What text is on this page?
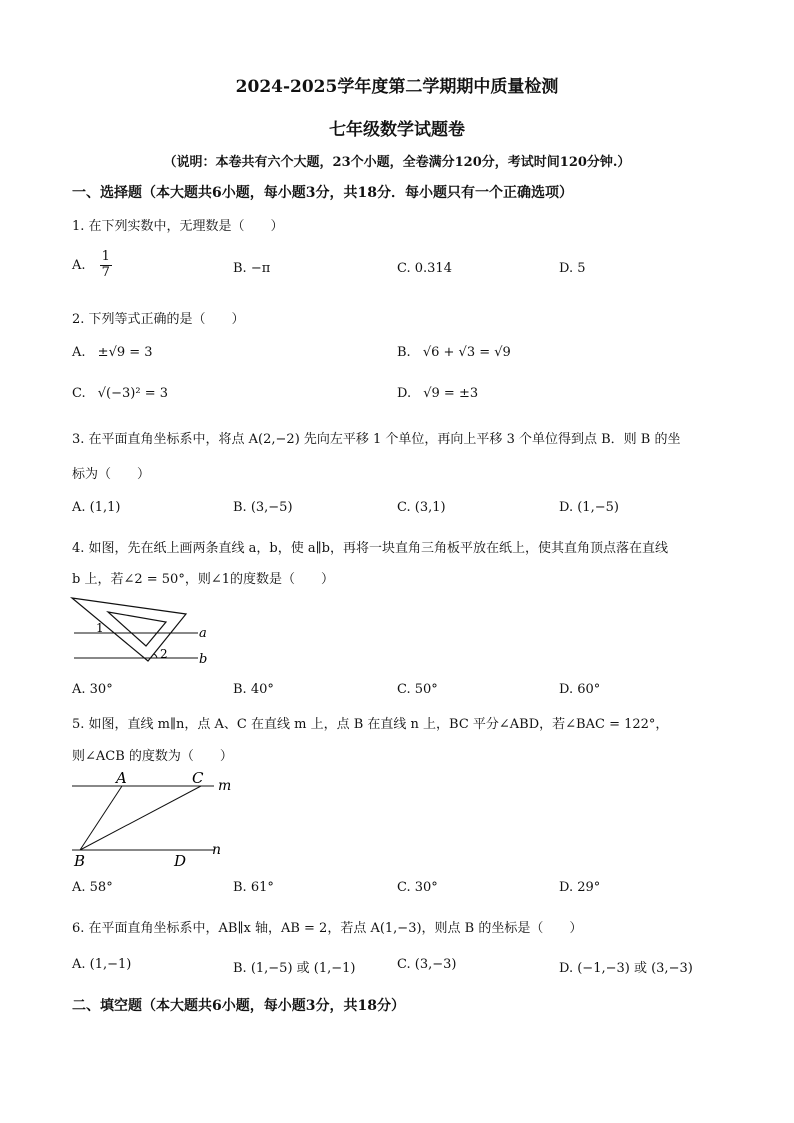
2024-2025学年度第二学期期中质量检测
七年级数学试题卷
（说明：本卷共有六个大题，23个小题，全卷满分120分，考试时间120分钟.）
一、选择题（本大题共6小题，每小题3分，共18分．每小题只有一个正确选项）
1. 在下列实数中，无理数是（　　）
A. $\frac{1}{7}$	B. −π	C. 0.314	D. 5
2. 下列等式正确的是（　　）
A. ±√9 = 3	B. √6 + √3 = √9
C. √(−3)² = 3	D. √9 = ±3
3. 在平面直角坐标系中，将点 A(2,−2) 先向左平移 1 个单位，再向上平移 3 个单位得到点 B．则 B 的坐
标为（　　）
A. (1,1)	B. (3,−5)	C. (3,1)	D. (1,−5)
4. 如图，先在纸上画两条直线 a，b，使 a∥b，再将一块直角三角板平放在纸上，使其直角顶点落在直线
b 上，若∠2 = 50°，则∠1的度数是（　　）
1
2
a
b
A. 30°	B. 40°	C. 50°	D. 60°
5. 如图，直线 m∥n，点 A、C 在直线 m 上，点 B 在直线 n 上，BC 平分∠ABD，若∠BAC = 122°，
则∠ACB 的度数为（　　）
A	C m
B	D
n
A. 58°	B. 61°	C. 30°	D. 29°
6. 在平面直角坐标系中，AB∥x 轴，AB = 2，若点 A(1,−3)，则点 B 的坐标是（　　）
A. (1,−1)	B. (1,−5) 或 (1,−1)	C. (3,−3)	D. (−1,−3) 或 (3,−3)
二、填空题（本大题共6小题，每小题3分，共18分）
